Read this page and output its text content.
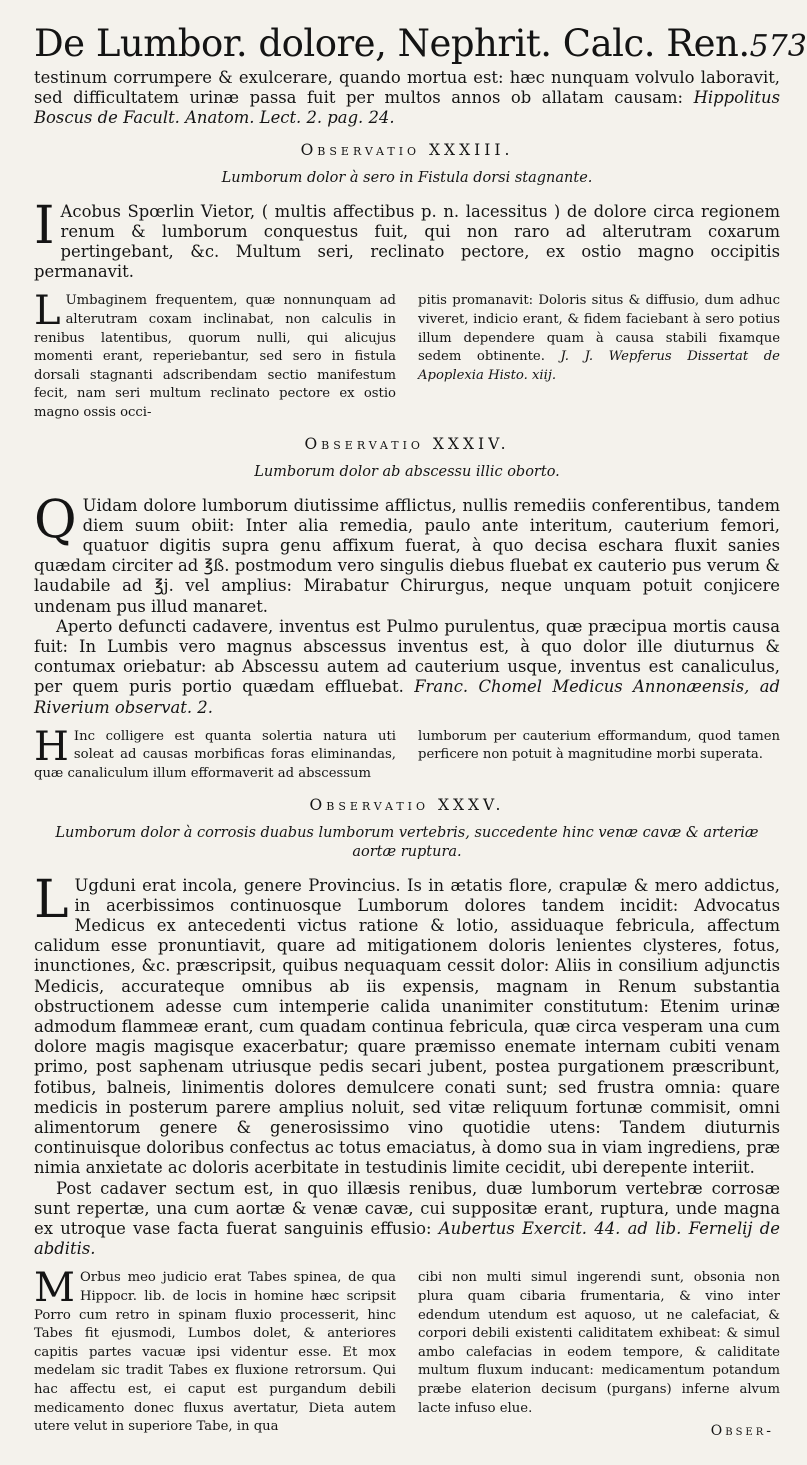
De Lumbor. dolore, Nephrit. Calc. Ren. 573

testinum corrumpere & exulcerare, quando mortua est: hæc nunquam volvulo laboravit, sed difficultatem urinæ passa fuit per multos annos ob allatam causam: Hippolitus Boscus de Facult. Anatom. Lect. 2. pag. 24.

Observatio XXXIII.
Lumborum dolor à sero in Fistula dorsi stagnante.

I Acobus Spœrlin Vietor, ( multis affectibus p. n. lacessitus ) de dolore circa regionem renum & lumborum conquestus fuit, qui non raro ad alterutram coxarum pertingebant, &c. Multum seri, reclinato pectore, ex ostio magno occipitis permanavit.

L Umbaginem frequentem, quæ nonnunquam ad alterutram coxam inclinabat, non calculis in renibus latentibus, quorum nulli, qui alicujus momenti erant, reperiebantur, sed sero in fistula dorsali stagnanti adscribendam sectio manifestum fecit, nam seri multum reclinato pectore ex ostio magno ossis occi-
pitis promanavit: Doloris situs & diffusio, dum adhuc viveret, indicio erant, & fidem faciebant à sero potius illum dependere quam à causa stabili fixamque sedem obtinente. J. J. Wepferus Dissertat de Apoplexia Histo. xiij.
Observatio XXXIV.
Lumborum dolor ab abscessu illic oborto.

Q Uidam dolore lumborum diutissime afflictus, nullis remediis conferentibus, tandem diem suum obiit: Inter alia remedia, paulo ante interitum, cauterium femori, quatuor digitis supra genu affixum fuerat, à quo decisa eschara fluxit sanies quædam circiter ad ℥ß. postmodum vero singulis diebus fluebat ex cauterio pus verum & laudabile ad ℥j. vel amplius: Mirabatur Chirurgus, neque unquam potuit conjicere undenam pus illud manaret.

Aperto defuncti cadavere, inventus est Pulmo purulentus, quæ præcipua mortis causa fuit: In Lumbis vero magnus abscessus inventus est, à quo dolor ille diuturnus & contumax oriebatur: ab Abscessu autem ad cauterium usque, inventus est canaliculus, per quem puris portio quædam effluebat. Franc. Chomel Medicus Annonæensis, ad Riverium observat. 2.

H Inc colligere est quanta solertia natura uti soleat ad causas morbificas foras eliminandas, quæ canaliculum illum efformaverit ad abscessum
lumborum per cauterium efformandum, quod tamen perficere non potuit à magnitudine morbi superata.
Observatio XXXV.
Lumborum dolor à corrosis duabus lumborum vertebris, succedente hinc venæ cavæ & arteriæ aortæ ruptura.

L Ugduni erat incola, genere Provincius. Is in ætatis flore, crapulæ & mero addictus, in acerbissimos continuosque Lumborum dolores tandem incidit: Advocatus Medicus ex antecedenti victus ratione & lotio, assiduaque febricula, affectum calidum esse pronuntiavit, quare ad mitigationem doloris lenientes clysteres, fotus, inunctiones, &c. præscripsit, quibus nequaquam cessit dolor: Aliis in consilium adjunctis Medicis, accurateque omnibus ab iis expensis, magnam in Renum substantia obstructionem adesse cum intemperie calida unanimiter constitutum: Etenim urinæ admodum flammeæ erant, cum quadam continua febricula, quæ circa vesperam una cum dolore magis magisque exacerbatur; quare præmisso enemate internam cubiti venam primo, post saphenam utriusque pedis secari jubent, postea purgationem præscribunt, fotibus, balneis, linimentis dolores demulcere conati sunt; sed frustra omnia: quare medicis in posterum parere amplius noluit, sed vitæ reliquum fortunæ commisit, omni alimentorum genere & generosissimo vino quotidie utens: Tandem diuturnis continuisque doloribus confectus ac totus emaciatus, à domo sua in viam ingrediens, præ nimia anxietate ac doloris acerbitate in testudinis limite cecidit, ubi derepente interiit.

Post cadaver sectum est, in quo illæsis renibus, duæ lumborum vertebræ corrosæ sunt repertæ, una cum aortæ & venæ cavæ, cui suppositæ erant, ruptura, unde magna ex utroque vase facta fuerat sanguinis effusio: Aubertus Exercit. 44. ad lib. Fernelij de abditis.

M Orbus meo judicio erat Tabes spinea, de qua Hippocr. lib. de locis in homine hæc scripsit Porro cum retro in spinam fluxio processerit, hinc Tabes fit ejusmodi, Lumbos dolet, & anteriores capitis partes vacuæ ipsi videntur esse. Et mox medelam sic tradit Tabes ex fluxione retrorsum. Qui hac affectu est, ei caput est purgandum debili medicamento donec fluxus avertatur, Dieta autem utere velut in superiore Tabe, in qua
cibi non multi simul ingerendi sunt, obsonia non plura quam cibaria frumentaria, & vino inter edendum utendum est aquoso, ut ne calefaciat, & corpori debili existenti caliditatem exhibeat: & simul ambo calefacias in eodem tempore, & caliditate multum fluxum inducant: medicamentum potandum præbe elaterion decisum (purgans) inferne alvum lacte infuso elue.
Obser-
